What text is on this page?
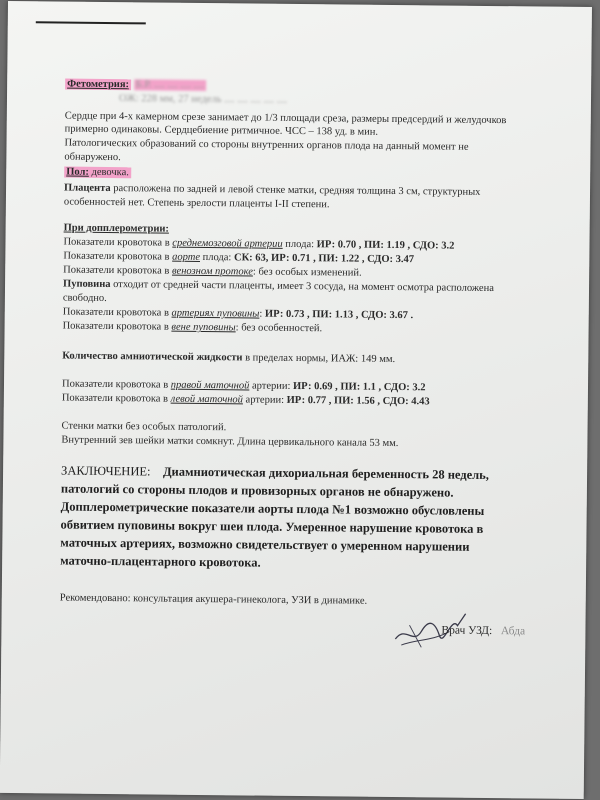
Фетометрия: Б.Р. .... .... .... ....
ОЖ: 228 мм, 27 недель .... .... .... .... ....
Сердце при 4-х камерном срезе занимает до 1/3 площади среза, размеры предсердий и желудочков
примерно одинаковы. Сердцебиение ритмичное. ЧСС – 138 уд. в мин.
Патологических образований со стороны внутренних органов плода на данный момент не
обнаружено.
Пол: девочка.
Плацента расположена по задней и левой стенке матки, средняя толщина 3 см, структурных
особенностей нет. Степень зрелости плаценты I-II степени.
При допплерометрии:
Показатели кровотока в среднемозговой артерии плода: ИР: 0.70 , ПИ: 1.19 , СДО: 3.2
Показатели кровотока в аорте плода: СК: 63, ИР: 0.71 , ПИ: 1.22 , СДО: 3.47
Показатели кровотока в венозном протоке: без особых изменений.
Пуповина отходит от средней части плаценты, имеет 3 сосуда, на момент осмотра расположена
свободно.
Показатели кровотока в артериях пуповины: ИР: 0.73 , ПИ: 1.13 , СДО: 3.67 .
Показатели кровотока в вене пуповины: без особенностей.
Количество амниотической жидкости в пределах нормы, ИАЖ: 149 мм.
Показатели кровотока в правой маточной артерии: ИР: 0.69 , ПИ: 1.1 , СДО: 3.2
Показатели кровотока в левой маточной артерии: ИР: 0.77 , ПИ: 1.56 , СДО: 4.43
Стенки матки без особых патологий.
Внутренний зев шейки матки сомкнут. Длина цервикального канала 53 мм.
ЗАКЛЮЧЕНИЕ: Диамниотическая дихориальная беременность 28 недель,
патологий со стороны плодов и провизорных органов не обнаружено.
Допплерометрические показатели аорты плода №1 возможно обусловлены
обвитием пуповины вокруг шеи плода. Умеренное нарушение кровотока в
маточных артериях, возможно свидетельствует о умеренном нарушении
маточно-плацентарного кровотока.
Рекомендовано: консультация акушера-гинеколога, УЗИ в динамике.
Врач УЗД: Абда
